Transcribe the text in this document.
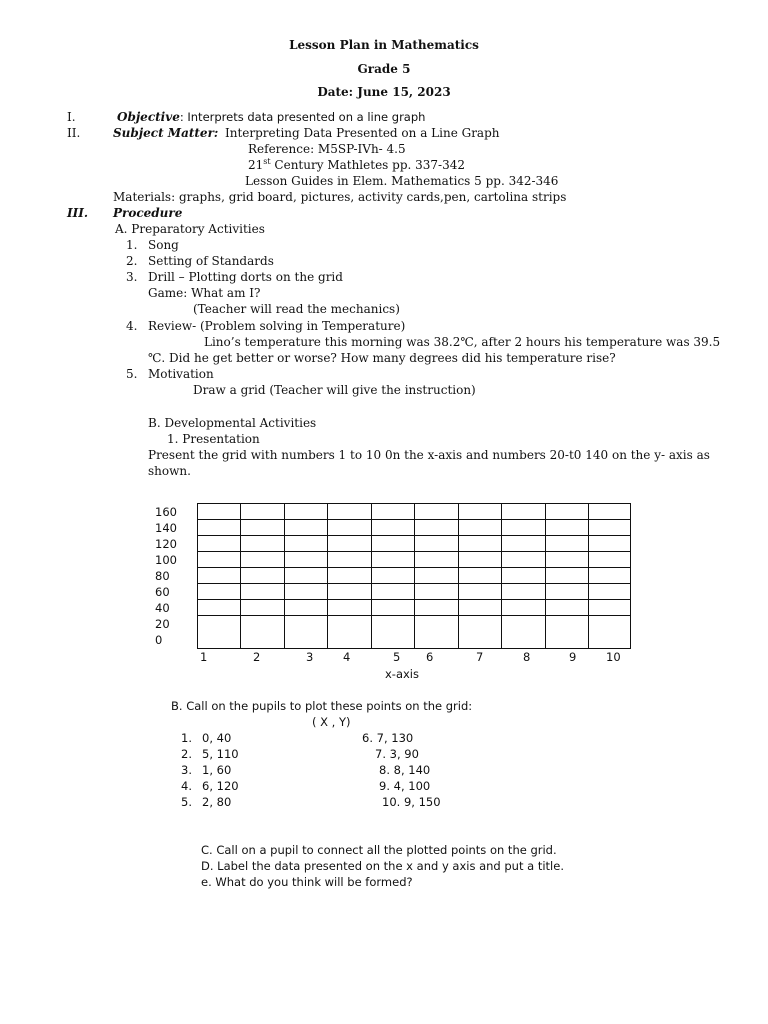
Lesson Plan in Mathematics
Grade 5
Date: June 15, 2023
I.	Objective: Interprets data presented on a line graph
II.	Subject Matter: Interpreting Data Presented on a Line Graph
Reference: M5SP-IVh- 4.5
21st Century Mathletes pp. 337-342
Lesson Guides in Elem. Mathematics 5 pp. 342-346
Materials: graphs, grid board, pictures, activity cards,pen, cartolina strips
III. Procedure
A. Preparatory Activities
1. Song
2. Setting of Standards
3. Drill – Plotting dorts on the grid
Game: What am I?
(Teacher will read the mechanics)
4. Review- (Problem solving in Temperature)
Lino’s temperature this morning was 38.2℃, after 2 hours his temperature was 39.5
℃. Did he get better or worse? How many degrees did his temperature rise?
5. Motivation
Draw a grid (Teacher will give the instruction)
B. Developmental Activities
1. Presentation
Present the grid with numbers 1 to 10 0n the x-axis and numbers 20-t0 140 on the y- axis as
shown.
160
140
120
100
80
60
40
20
0
1	2	3	4	5 6	7	8	9	10
x-axis
B. Call on the pupils to plot these points on the grid:
( X , Y)
1. 0, 40
2. 5, 110
3. 1, 60
4. 6, 120
5. 2, 80
6. 7, 130
7. 3, 90
8. 8, 140
9. 4, 100
10. 9, 150
C. Call on a pupil to connect all the plotted points on the grid.
D. Label the data presented on the x and y axis and put a title.
e. What do you think will be formed?
